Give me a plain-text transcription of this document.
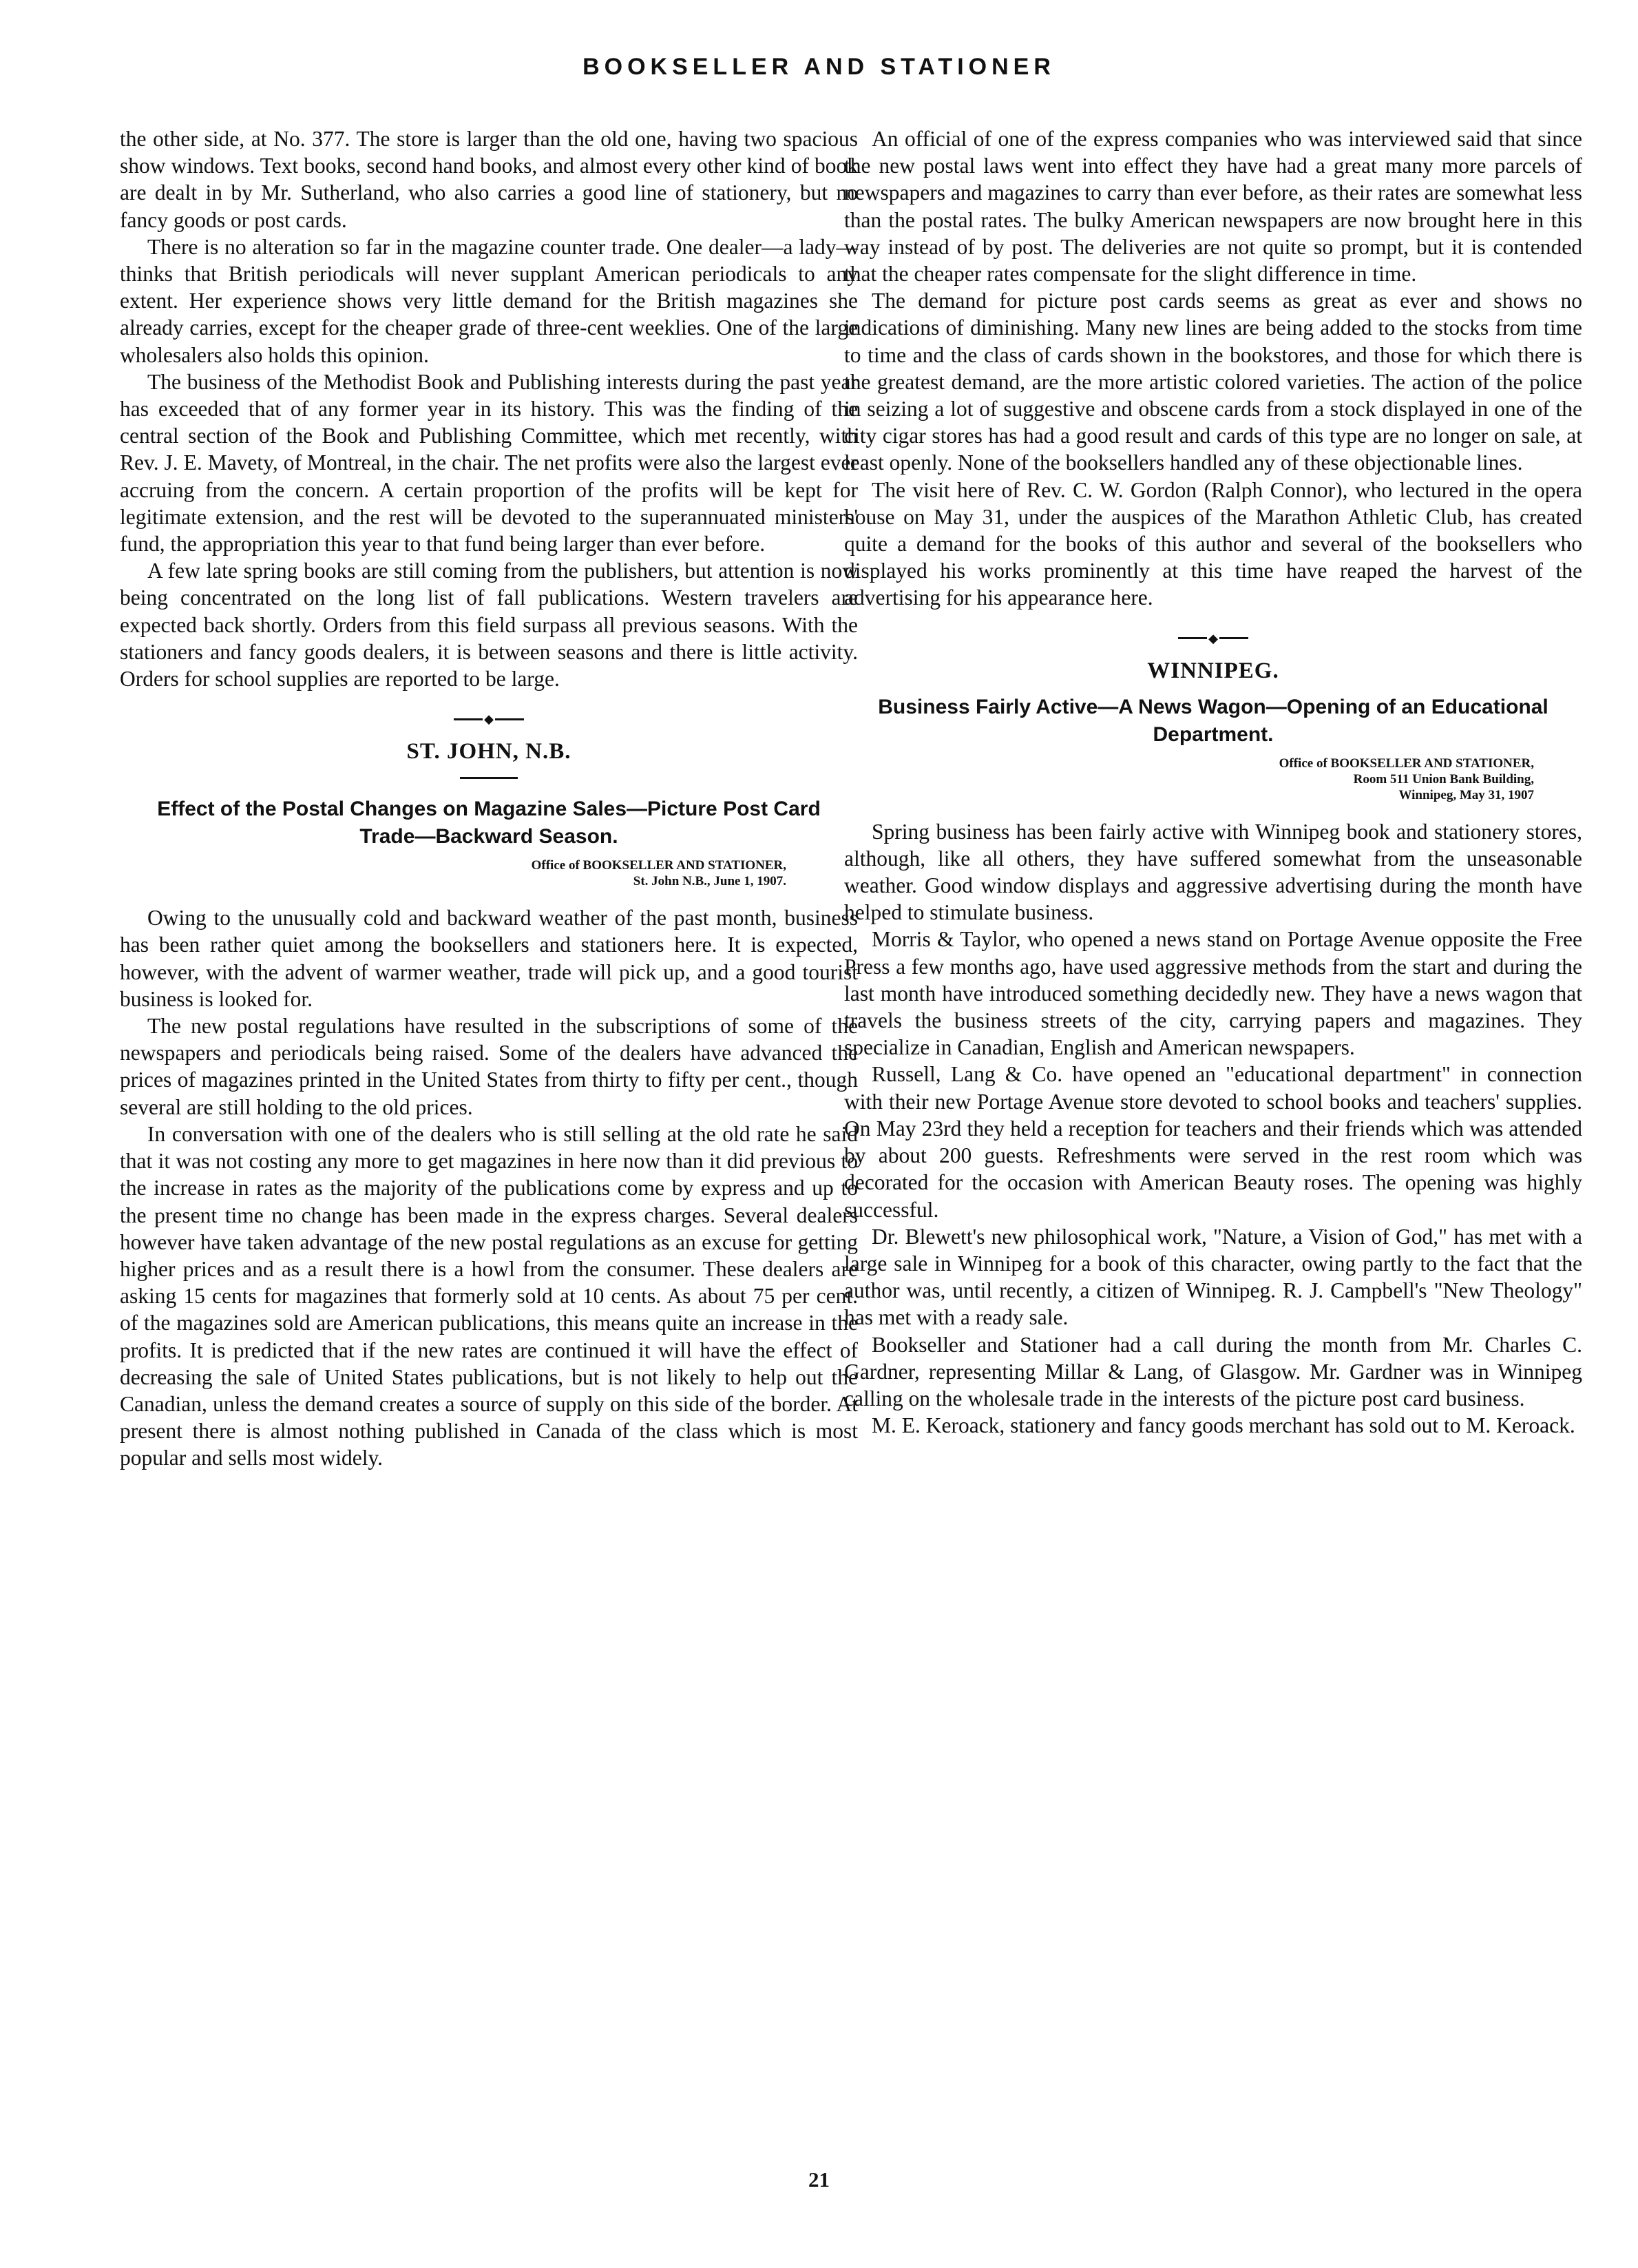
BOOKSELLER AND STATIONER

the other side, at No. 377. The store is larger than the old one, having two spacious show windows. Text books, second hand books, and almost every other kind of book are dealt in by Mr. Sutherland, who also carries a good line of stationery, but no fancy goods or post cards.

There is no alteration so far in the magazine counter trade. One dealer—a lady—thinks that British periodicals will never supplant American periodicals to any extent. Her experience shows very little demand for the British magazines she already carries, except for the cheaper grade of three-cent weeklies. One of the large wholesalers also holds this opinion.

The business of the Methodist Book and Publishing interests during the past year has exceeded that of any former year in its history. This was the finding of the central section of the Book and Publishing Committee, which met recently, with Rev. J. E. Mavety, of Montreal, in the chair. The net profits were also the largest ever accruing from the concern. A certain proportion of the profits will be kept for legitimate extension, and the rest will be devoted to the superannuated ministers' fund, the appropriation this year to that fund being larger than ever before.

A few late spring books are still coming from the publishers, but attention is now being concentrated on the long list of fall publications. Western travelers are expected back shortly. Orders from this field surpass all previous seasons. With the stationers and fancy goods dealers, it is between seasons and there is little activity. Orders for school supplies are reported to be large.

◆
ST. JOHN, N.B.
Effect of the Postal Changes on Magazine Sales—Picture Post Card Trade—Backward Season.
Office of BOOKSELLER AND STATIONER,
St. John N.B., June 1, 1907.

Owing to the unusually cold and backward weather of the past month, business has been rather quiet among the booksellers and stationers here. It is expected, however, with the advent of warmer weather, trade will pick up, and a good tourist business is looked for.

The new postal regulations have resulted in the subscriptions of some of the newspapers and periodicals being raised. Some of the dealers have advanced the prices of magazines printed in the United States from thirty to fifty per cent., though several are still holding to the old prices.

In conversation with one of the dealers who is still selling at the old rate he said that it was not costing any more to get magazines in here now than it did previous to the increase in rates as the majority of the publications come by express and up to the present time no change has been made in the express charges. Several dealers however have taken advantage of the new postal regulations as an excuse for getting higher prices and as a result there is a howl from the consumer. These dealers are asking 15 cents for magazines that formerly sold at 10 cents. As about 75 per cent. of the magazines sold are American publications, this means quite an increase in the profits. It is predicted that if the new rates are continued it will have the effect of decreasing the sale of United States publications, but is not likely to help out the Canadian, unless the demand creates a source of supply on this side of the border. At present there is almost nothing published in Canada of the class which is most popular and sells most widely.

An official of one of the express companies who was interviewed said that since the new postal laws went into effect they have had a great many more parcels of newspapers and magazines to carry than ever before, as their rates are somewhat less than the postal rates. The bulky American newspapers are now brought here in this way instead of by post. The deliveries are not quite so prompt, but it is contended that the cheaper rates compensate for the slight difference in time.

The demand for picture post cards seems as great as ever and shows no indications of diminishing. Many new lines are being added to the stocks from time to time and the class of cards shown in the bookstores, and those for which there is the greatest demand, are the more artistic colored varieties. The action of the police in seizing a lot of suggestive and obscene cards from a stock displayed in one of the city cigar stores has had a good result and cards of this type are no longer on sale, at least openly. None of the booksellers handled any of these objectionable lines.

The visit here of Rev. C. W. Gordon (Ralph Connor), who lectured in the opera house on May 31, under the auspices of the Marathon Athletic Club, has created quite a demand for the books of this author and several of the booksellers who displayed his works prominently at this time have reaped the harvest of the advertising for his appearance here.

◆
WINNIPEG.
Business Fairly Active—A News Wagon—Opening of an Educational Department.
Office of BOOKSELLER AND STATIONER,
Room 511 Union Bank Building,
Winnipeg, May 31, 1907

Spring business has been fairly active with Winnipeg book and stationery stores, although, like all others, they have suffered somewhat from the unseasonable weather. Good window displays and aggressive advertising during the month have helped to stimulate business.

Morris & Taylor, who opened a news stand on Portage Avenue opposite the Free Press a few months ago, have used aggressive methods from the start and during the last month have introduced something decidedly new. They have a news wagon that travels the business streets of the city, carrying papers and magazines. They specialize in Canadian, English and American newspapers.

Russell, Lang & Co. have opened an "educational department" in connection with their new Portage Avenue store devoted to school books and teachers' supplies. On May 23rd they held a reception for teachers and their friends which was attended by about 200 guests. Refreshments were served in the rest room which was decorated for the occasion with American Beauty roses. The opening was highly successful.

Dr. Blewett's new philosophical work, "Nature, a Vision of God," has met with a large sale in Winnipeg for a book of this character, owing partly to the fact that the author was, until recently, a citizen of Winnipeg. R. J. Campbell's "New Theology" has met with a ready sale.

Bookseller and Stationer had a call during the month from Mr. Charles C. Gardner, representing Millar & Lang, of Glasgow. Mr. Gardner was in Winnipeg calling on the wholesale trade in the interests of the picture post card business.

M. E. Keroack, stationery and fancy goods merchant has sold out to M. Keroack.

21
